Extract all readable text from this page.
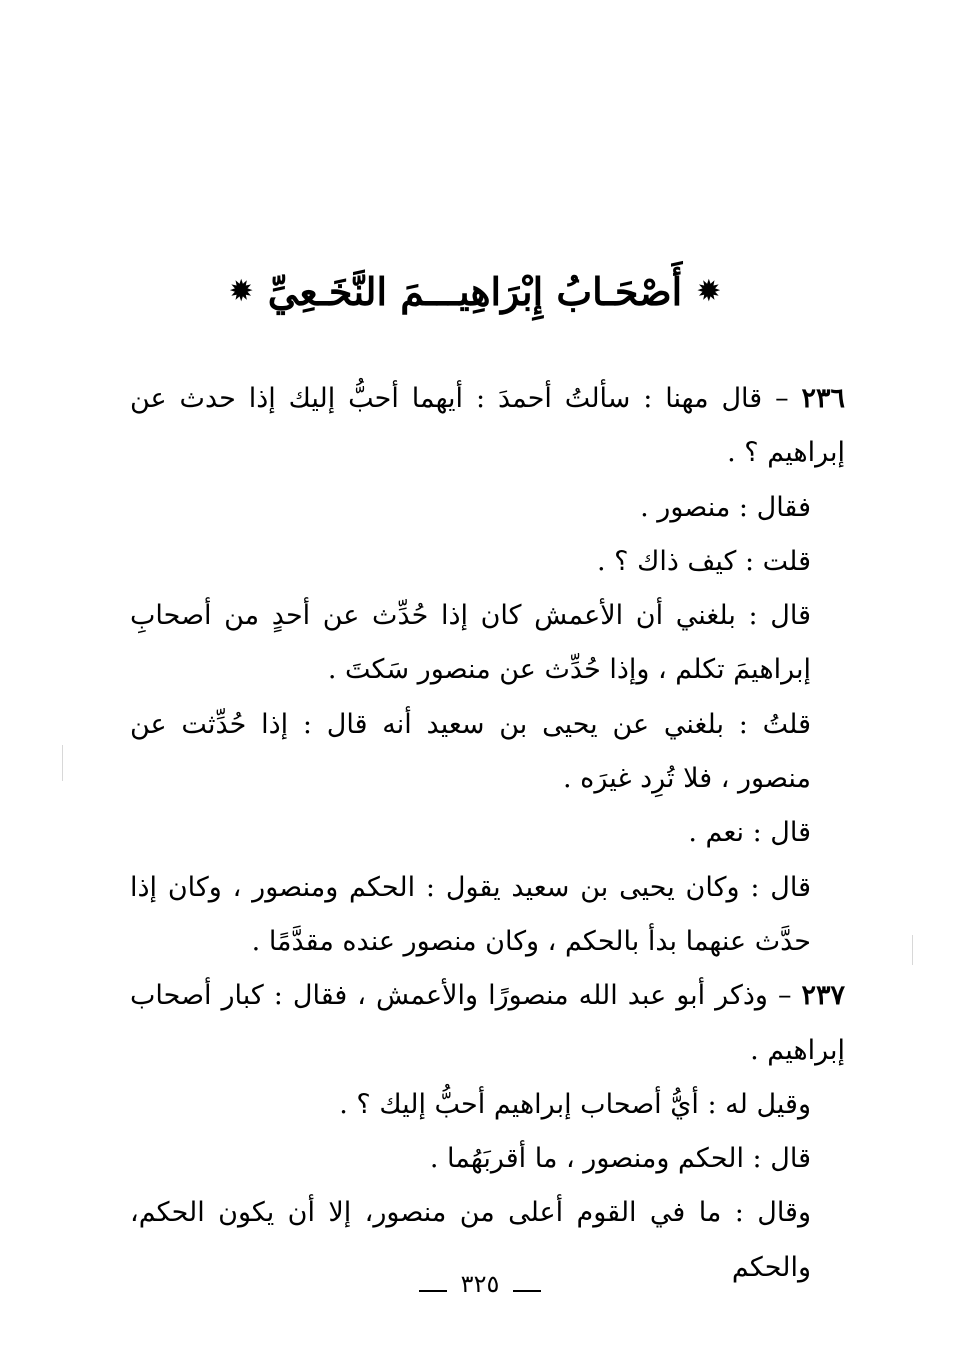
✹
أَصْحَـابُ إِبْرَاهِيـــمَ النَّخَـعِيِّ
✹

٢٣٦ – قال مهنا : سألتُ أحمدَ : أيهما أحبُّ إليك إذا حدث عن إبراهيم ؟ .

فقال : منصور .

قلت : كيف ذاك ؟ .

قال : بلغني أن الأعمش كان إذا حُدِّث عن أحدٍ من أصحابِ إبراهيمَ تكلم ، وإذا حُدِّث عن منصور سَكتَ .

قلتُ : بلغني عن يحيى بن سعيد أنه قال : إذا حُدِّثت عن منصور ، فلا تُرِد غيرَه .

قال : نعم .

قال : وكان يحيى بن سعيد يقول : الحكم ومنصور ، وكان إذا حدَّث عنهما بدأ بالحكم ، وكان منصور عنده مقدَّمًا .

٢٣٧ – وذكر أبو عبد الله منصورًا والأعمش ، فقال : كبار أصحاب إبراهيم .

وقيل له : أيُّ أصحاب إبراهيم أحبُّ إليك ؟ .

قال : الحكم ومنصور ، ما أقربَهُما .

وقال : ما في القوم أعلى من منصور، إلا أن يكون الحكم، والحكم

٣٢٥
